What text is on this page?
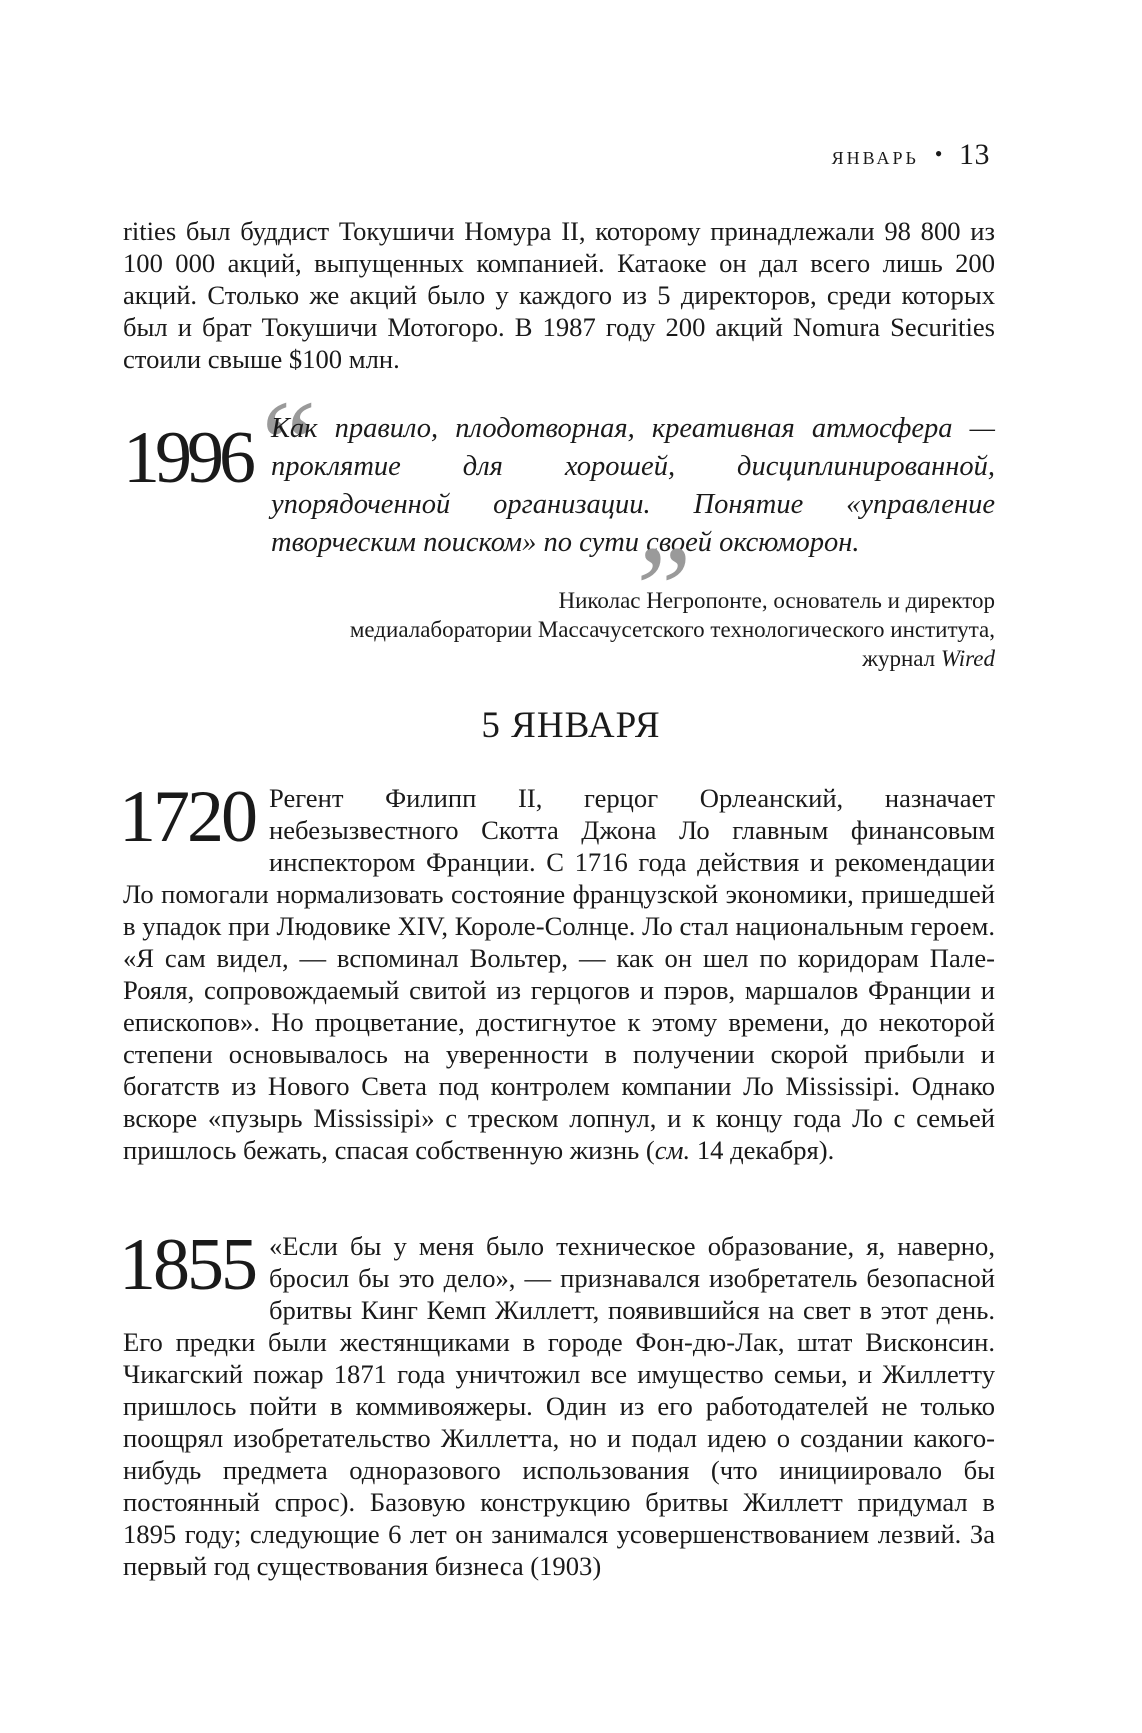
январь • 13
rities был буддист Токушичи Номура II, которому принадлежали 98 800 из 100 000 акций, выпущенных компанией. Катаоке он дал всего лишь 200 акций. Столько же акций было у каждого из 5 директоров, среди которых был и брат Токушичи Мотогоро. В 1987 году 200 акций Nomura Securities стоили свыше $100 млн.
1996
“
Как правило, плодотворная, креативная атмосфера — проклятие для хорошей, дисциплинированной, упорядоченной организации. Понятие «управление творческим поиском» по сути своей оксюморон.
”
Николас Негропонте, основатель и директор
медиалаборатории Массачусетского технологического института,
журнал Wired
5 ЯНВАРЯ
1720 Регент Филипп II, герцог Орлеанский, назначает небезызвестного Скотта Джона Ло главным финансовым инспектором Франции. С 1716 года действия и рекомендации Ло помогали нормализовать состояние французской экономики, пришедшей в упадок при Людовике XIV, Короле-Солнце. Ло стал национальным героем. «Я сам видел, — вспоминал Вольтер, — как он шел по коридорам Пале-Рояля, сопровождаемый свитой из герцогов и пэров, маршалов Франции и епископов». Но процветание, достигнутое к этому времени, до некоторой степени основывалось на уверенности в получении скорой прибыли и богатств из Нового Света под контролем компании Ло Mississipi. Однако вскоре «пузырь Mississipi» с треском лопнул, и к концу года Ло с семьей пришлось бежать, спасая собственную жизнь (см. 14 декабря).
1855 «Если бы у меня было техническое образование, я, наверно, бросил бы это дело», — признавался изобретатель безопасной бритвы Кинг Кемп Жиллетт, появившийся на свет в этот день. Его предки были жестянщиками в городе Фон-дю-Лак, штат Висконсин. Чикагский пожар 1871 года уничтожил все имущество семьи, и Жиллетту пришлось пойти в коммивояжеры. Один из его работодателей не только поощрял изобретательство Жиллетта, но и подал идею о создании какого-нибудь предмета одноразового использования (что инициировало бы постоянный спрос). Базовую конструкцию бритвы Жиллетт придумал в 1895 году; следующие 6 лет он занимался усовершенствованием лезвий. За первый год существования бизнеса (1903)
